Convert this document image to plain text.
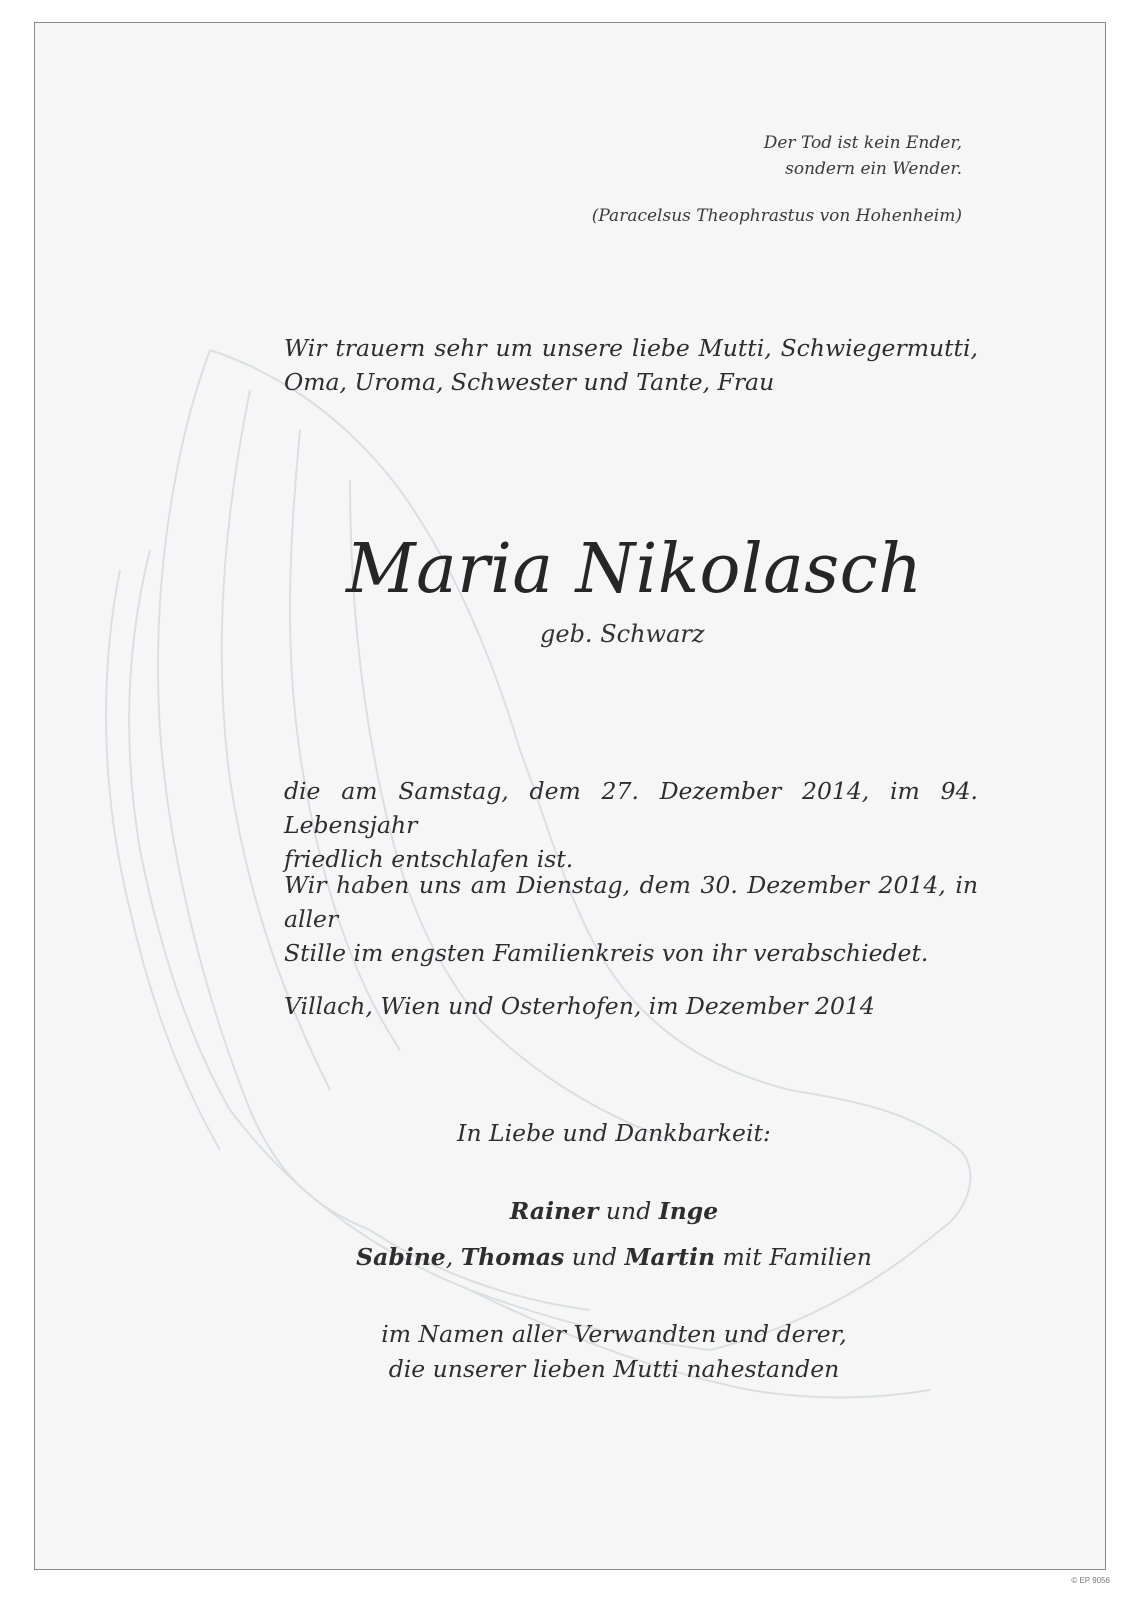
Der Tod ist kein Ender,

sondern ein Wender.

(Paracelsus Theophrastus von Hohenheim)

Wir trauern sehr um unsere liebe Mutti, Schwiegermutti,

Oma, Uroma, Schwester und Tante, Frau

Maria Nikolasch

geb. Schwarz

die am Samstag, dem 27. Dezember 2014, im 94. Lebensjahr
friedlich entschlafen ist.
Wir haben uns am Dienstag, dem 30. Dezember 2014, in aller
Stille im engsten Familienkreis von ihr verabschiedet.

Villach, Wien und Osterhofen, im Dezember 2014

In Liebe und Dankbarkeit:

Rainer und Inge

Sabine, Thomas und Martin mit Familien

im Namen aller Verwandten und derer,

die unserer lieben Mutti nahestanden

© EP 9056
